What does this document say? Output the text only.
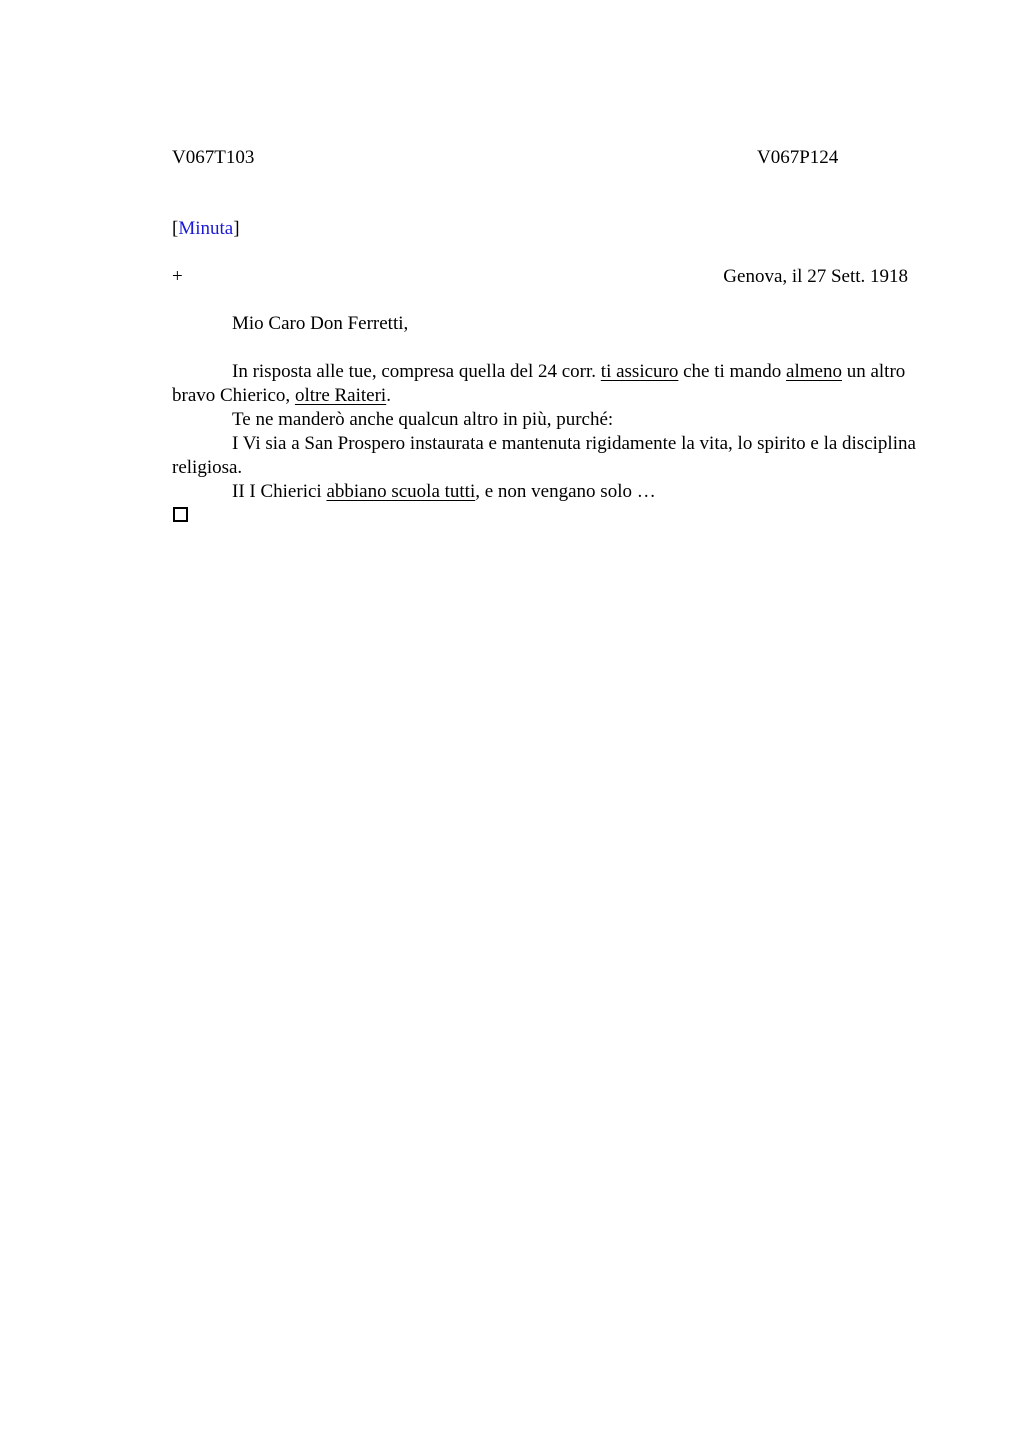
V067T103	V067P124
[Minuta]
+	Genova, il 27 Sett. 1918
Mio Caro Don Ferretti,

In risposta alle tue, compresa quella del 24 corr. ti assicuro che ti mando almeno un altro bravo Chierico, oltre Raiteri.

Te ne manderò anche qualcun altro in più, purché:

I Vi sia a San Prospero instaurata e mantenuta rigidamente la vita, lo spirito e la disciplina religiosa.

II I Chierici abbiano scuola tutti, e non vengano solo …
